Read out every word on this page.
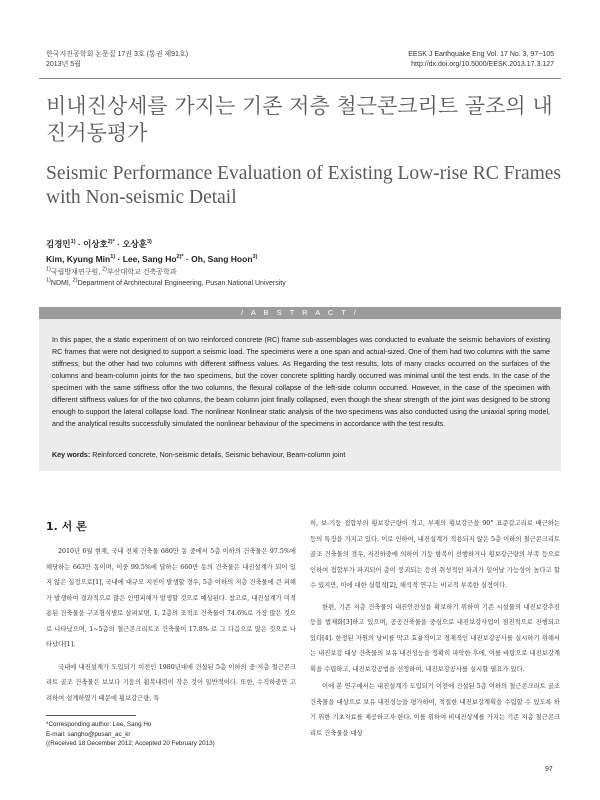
한국지진공학회 논문집 17권 3호 (통권 제91호)
2013년 5월
EESK J Earthquake Eng Vol. 17 No. 3, 97~105
http://dx.doi.org/10.5000/EESK.2013.17.3.127
비내진상세를 가지는 기존 저층 철근콘크리트 골조의 내진거동평가
Seismic Performance Evaluation of Existing Low-rise RC Frames with Non-seismic Detail
김경민$^{1)}$ · 이상호$^{2)*}$ · 오상훈$^{3)}$
Kim, Kyung Min$^{1)}$ · Lee, Sang $Ho^{2)*} \cdot Oh$, Sang Hoon$^{3)}$
$^{1)}$국립방재연구원, $^{2)}$부산대학교 건축공학과
$^{1)}$NDMI, $^{2)}$Department of Architectural Engineering, Pusan National University
/ A B S T R A C T /

In this paper, the a static experiment of on two reinforced concrete (RC) frame sub-assemblages was conducted to evaluate the seismic behaviors of existing RC frames that were not designed to support a seismic load. The specimens were a one span and actual-sized. One of them had two columns with the same stiffness, but the other had two columns with different stiffness values. As Regarding the test results, lots of many cracks occurred on the surfaces of the columns and beam-column joints for the two specimens, but the cover concrete splitting hardly occurred was minimal until the test ends. In the case of the specimen with the same stiffness offor the two columns, the flexural collapse of the left-side column occurred. However, in the case of the specimen with different stiffness values for of the two columns, the beam column joint finally collapsed, even though the shear strength of the joint was designed to be strong enough to support the lateral collapse load. The nonlinear Nonlinear static analysis of the two specimens was also conducted using the uniaxial spring model, and the analytical results successfully simulated the nonlinear behaviour of the specimens in accordance with the test results.

Key words: Reinforced concrete, Non-seismic details, Seismic behaviour, Beam-column joint
1. 서 론

2010년 6월 현재, 국내 전체 건축물 680만 동 중에서 5층 이하의 건축물은 97.5%에 해당하는 663만 동이며, 이중 99.5%에 달하는 660만 동의 건축물은 내진설계가 되어 있지 않은 실정으로[1], 국내에 대규모 지진이 발생할 경우, 5층 이하의 저층 건축물에 큰 피해가 발생하여 결과적으로 많은 인명피해가 발생할 것으로 예상된다. 참고로, 내진설계가 미적용된 건축물을 구조형식별로 살펴보면, 1, 2층의 조적조 건축물이 74.6%로 가장 많은 것으로 나타났으며, 1~5층의 철근콘크리트조 건축물이 17.8% 로 그 다음으로 많은 것으로 나타났다[1].

국내에 내진설계가 도입되기 이전인 1980년대에 건설된 5층 이하의 중·저층 철근콘크리트 골조 건축물은 보보다 기둥의 휨복내력이 작은 것이 일반적이다. 또한, 수직하중만 고려하여 설계하였기 때문에 횡보강근량, 특

히, 보-기둥 접합부의 횡보강근량이 적고, 부재의 횡보강근을 90° 표준갈고리로 배근하는 등의 특징을 가지고 있다. 이로 인하여, 내진설계가 적용되지 않은 5층 이하의 철근콘크리트 골조 건축물의 경우, 지진하중에 의하여 기둥 항복이 선행하거나 횡보강근량의 부족 등으로 인하여 접합부가 파괴되어 층이 붕괴되는 등의 취성적인 파괴가 일어날 가능성이 높다고 할 수 있지만, 이에 대한 실험적[2], 해석적 연구는 비교적 부족한 실정이다.

한편, 기존 저층 건축물의 내진안전성을 확보하기 위하여 기존 시설물의 내진보강추진 등을 법제화[3]하고 있으며, 공공건축물을 중심으로 내진보강사업이 점진적으로 진행되고 있다[4]. 한정된 자원의 낭비를 막고 효율적이고 경제적인 내진보강공사를 실시하기 위해서는 내진보강 대상 건축물의 보유 내진성능을 정확히 파악한 후에, 이를 바탕으로 내진보강계획을 수립하고, 내진보강공법을 선정하여, 내진보강공사를 실시할 필요가 있다.

이에 본 연구에서는 내진설계가 도입되기 이전에 건설된 5층 이하의 철근콘크리트 골조 건축물을 대상으로 보유 내진성능을 평가하여, 적절한 내진보강계획을 수립할 수 있도록 하기 위한 기초자료를 제공하고자 한다. 이를 위하여 비내진상세를 가지는 기존 저층 철근콘크리트 건축물을 대상

*Corresponding author: Lee, Sang Ho
E-mail: sangho@pusan_ac_kr
((Received 18 December 2012; Accepted 20 February 2013)
97
